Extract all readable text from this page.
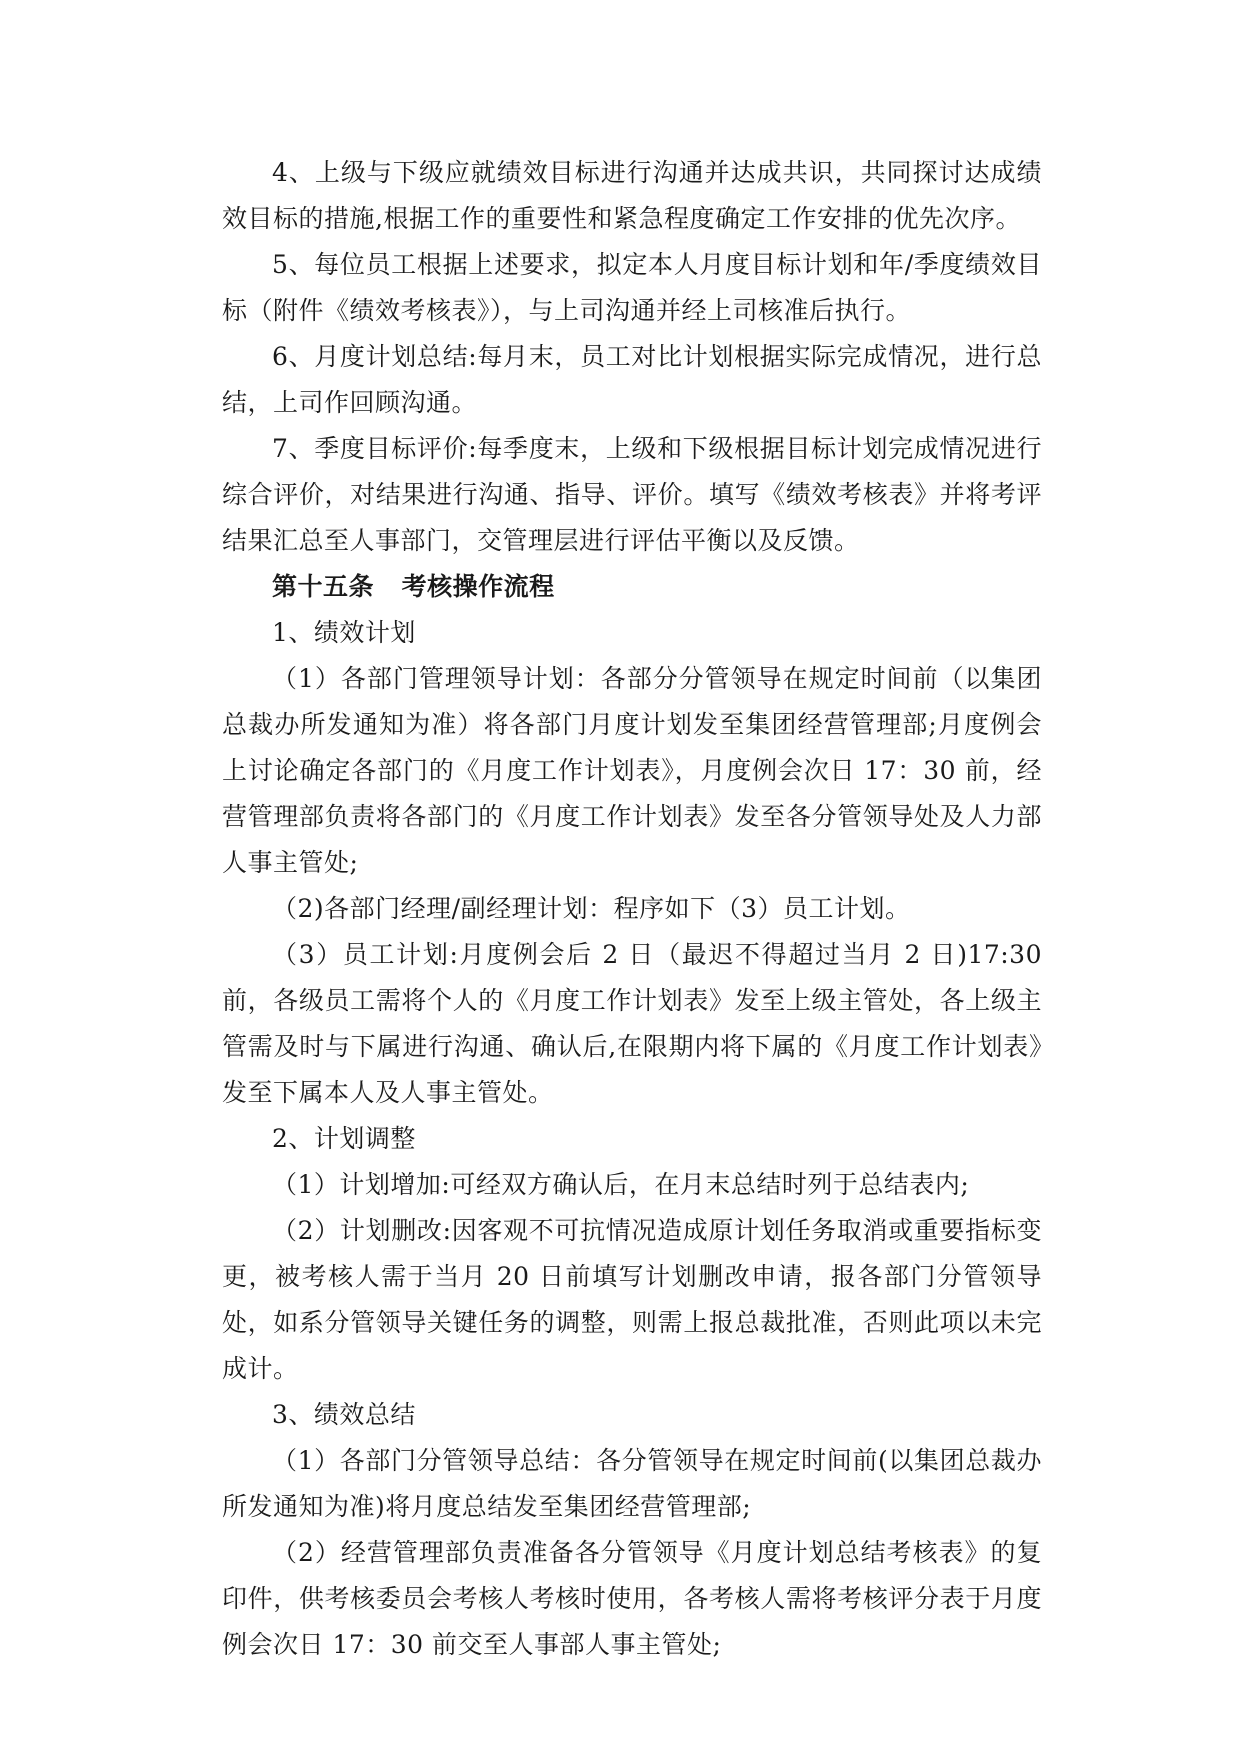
4、上级与下级应就绩效目标进行沟通并达成共识，共同探讨达成绩效目标的措施,根据工作的重要性和紧急程度确定工作安排的优先次序。

5、每位员工根据上述要求，拟定本人月度目标计划和年/季度绩效目标（附件《绩效考核表》），与上司沟通并经上司核准后执行。

6、月度计划总结:每月末，员工对比计划根据实际完成情况，进行总结，上司作回顾沟通。

7、季度目标评价:每季度末，上级和下级根据目标计划完成情况进行综合评价，对结果进行沟通、指导、评价。填写《绩效考核表》并将考评结果汇总至人事部门，交管理层进行评估平衡以及反馈。

第十五条   考核操作流程

1、绩效计划

（1）各部门管理领导计划：各部分分管领导在规定时间前（以集团总裁办所发通知为准）将各部门月度计划发至集团经营管理部;月度例会上讨论确定各部门的《月度工作计划表》，月度例会次日 17：30 前，经营管理部负责将各部门的《月度工作计划表》发至各分管领导处及人力部人事主管处;

（2)各部门经理/副经理计划：程序如下（3）员工计划。

（3）员工计划:月度例会后 2 日（最迟不得超过当月 2 日)17:30 前，各级员工需将个人的《月度工作计划表》发至上级主管处，各上级主管需及时与下属进行沟通、确认后,在限期内将下属的《月度工作计划表》发至下属本人及人事主管处。

2、计划调整

（1）计划增加:可经双方确认后，在月末总结时列于总结表内;

（2）计划删改:因客观不可抗情况造成原计划任务取消或重要指标变更，被考核人需于当月 20 日前填写计划删改申请，报各部门分管领导处，如系分管领导关键任务的调整，则需上报总裁批准，否则此项以未完成计。

3、绩效总结

（1）各部门分管领导总结：各分管领导在规定时间前(以集团总裁办所发通知为准)将月度总结发至集团经营管理部;

（2）经营管理部负责准备各分管领导《月度计划总结考核表》的复印件，供考核委员会考核人考核时使用，各考核人需将考核评分表于月度例会次日 17：30 前交至人事部人事主管处;
